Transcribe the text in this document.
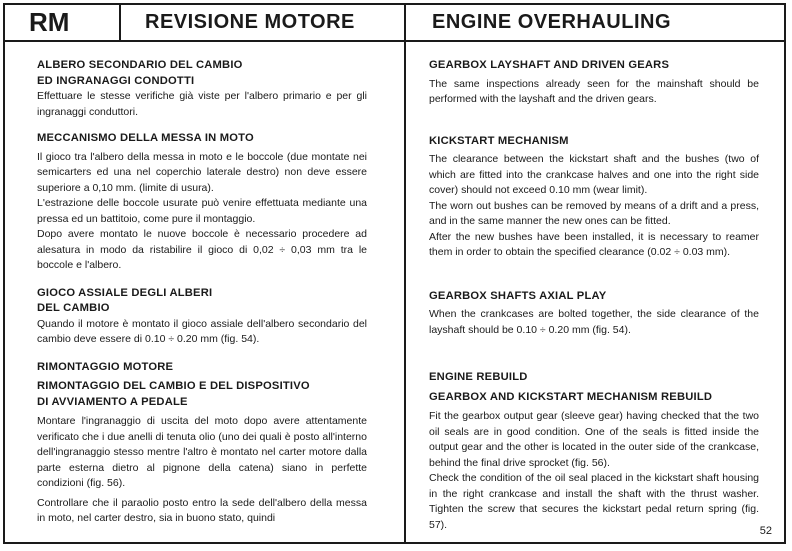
RM	REVISIONE MOTORE	ENGINE OVERHAULING

ALBERO SECONDARIO DEL CAMBIO

ED INGRANAGGI CONDOTTI

Effettuare le stesse verifiche già viste per l'albero primario e per gli ingranaggi conduttori.

MECCANISMO DELLA MESSA IN MOTO

Il gioco tra l'albero della messa in moto e le boccole (due montate nei semicarters ed una nel coperchio laterale destro) non deve essere superiore a 0,10 mm. (limite di usura).

L'estrazione delle boccole usurate può venire effettuata mediante una pressa ed un battitoio, come pure il montaggio.

Dopo avere montato le nuove boccole è necessario procedere ad alesatura in modo da ristabilire il gioco di 0,02 ÷ 0,03 mm tra le boccole e l'albero.

GIOCO ASSIALE DEGLI ALBERI

DEL CAMBIO

Quando il motore è montato il gioco assiale dell'albero secondario del cambio deve essere di 0.10 ÷ 0.20 mm (fig. 54).

RIMONTAGGIO MOTORE

RIMONTAGGIO DEL CAMBIO E DEL DISPOSITIVO

DI AVVIAMENTO A PEDALE

Montare l'ingranaggio di uscita del moto dopo avere attentamente verificato che i due anelli di tenuta olio (uno dei quali è posto all'interno dell'ingranaggio stesso mentre l'altro è montato nel carter motore dalla parte esterna dietro al pignone della catena) siano in perfette condizioni (fig. 56).

Controllare che il paraolio posto entro la sede dell'albero della messa in moto, nel carter destro, sia in buono stato, quindi

GEARBOX LAYSHAFT AND DRIVEN GEARS

The same inspections already seen for the mainshaft should be performed with the layshaft and the driven gears.

KICKSTART MECHANISM

The clearance between the kickstart shaft and the bushes (two of which are fitted into the crankcase halves and one into the right side cover) should not exceed 0.10 mm (wear limit).

The worn out bushes can be removed by means of a drift and a press, and in the same manner the new ones can be fitted.

After the new bushes have been installed, it is necessary to reamer them in order to obtain the specified clearance (0.02 ÷ 0.03 mm).

GEARBOX SHAFTS AXIAL PLAY

When the crankcases are bolted together, the side clearance of the layshaft should be 0.10 ÷ 0.20 mm (fig. 54).

ENGINE REBUILD

GEARBOX AND KICKSTART MECHANISM REBUILD

Fit the gearbox output gear (sleeve gear) having checked that the two oil seals are in good condition. One of the seals is fitted inside the output gear and the other is located in the outer side of the crankcase, behind the final drive sprocket (fig. 56).

Check the condition of the oil seal placed in the kickstart shaft housing in the right crankcase and install the shaft with the thrust washer. Tighten the screw that secures the kickstart pedal return spring (fig. 57).

52
